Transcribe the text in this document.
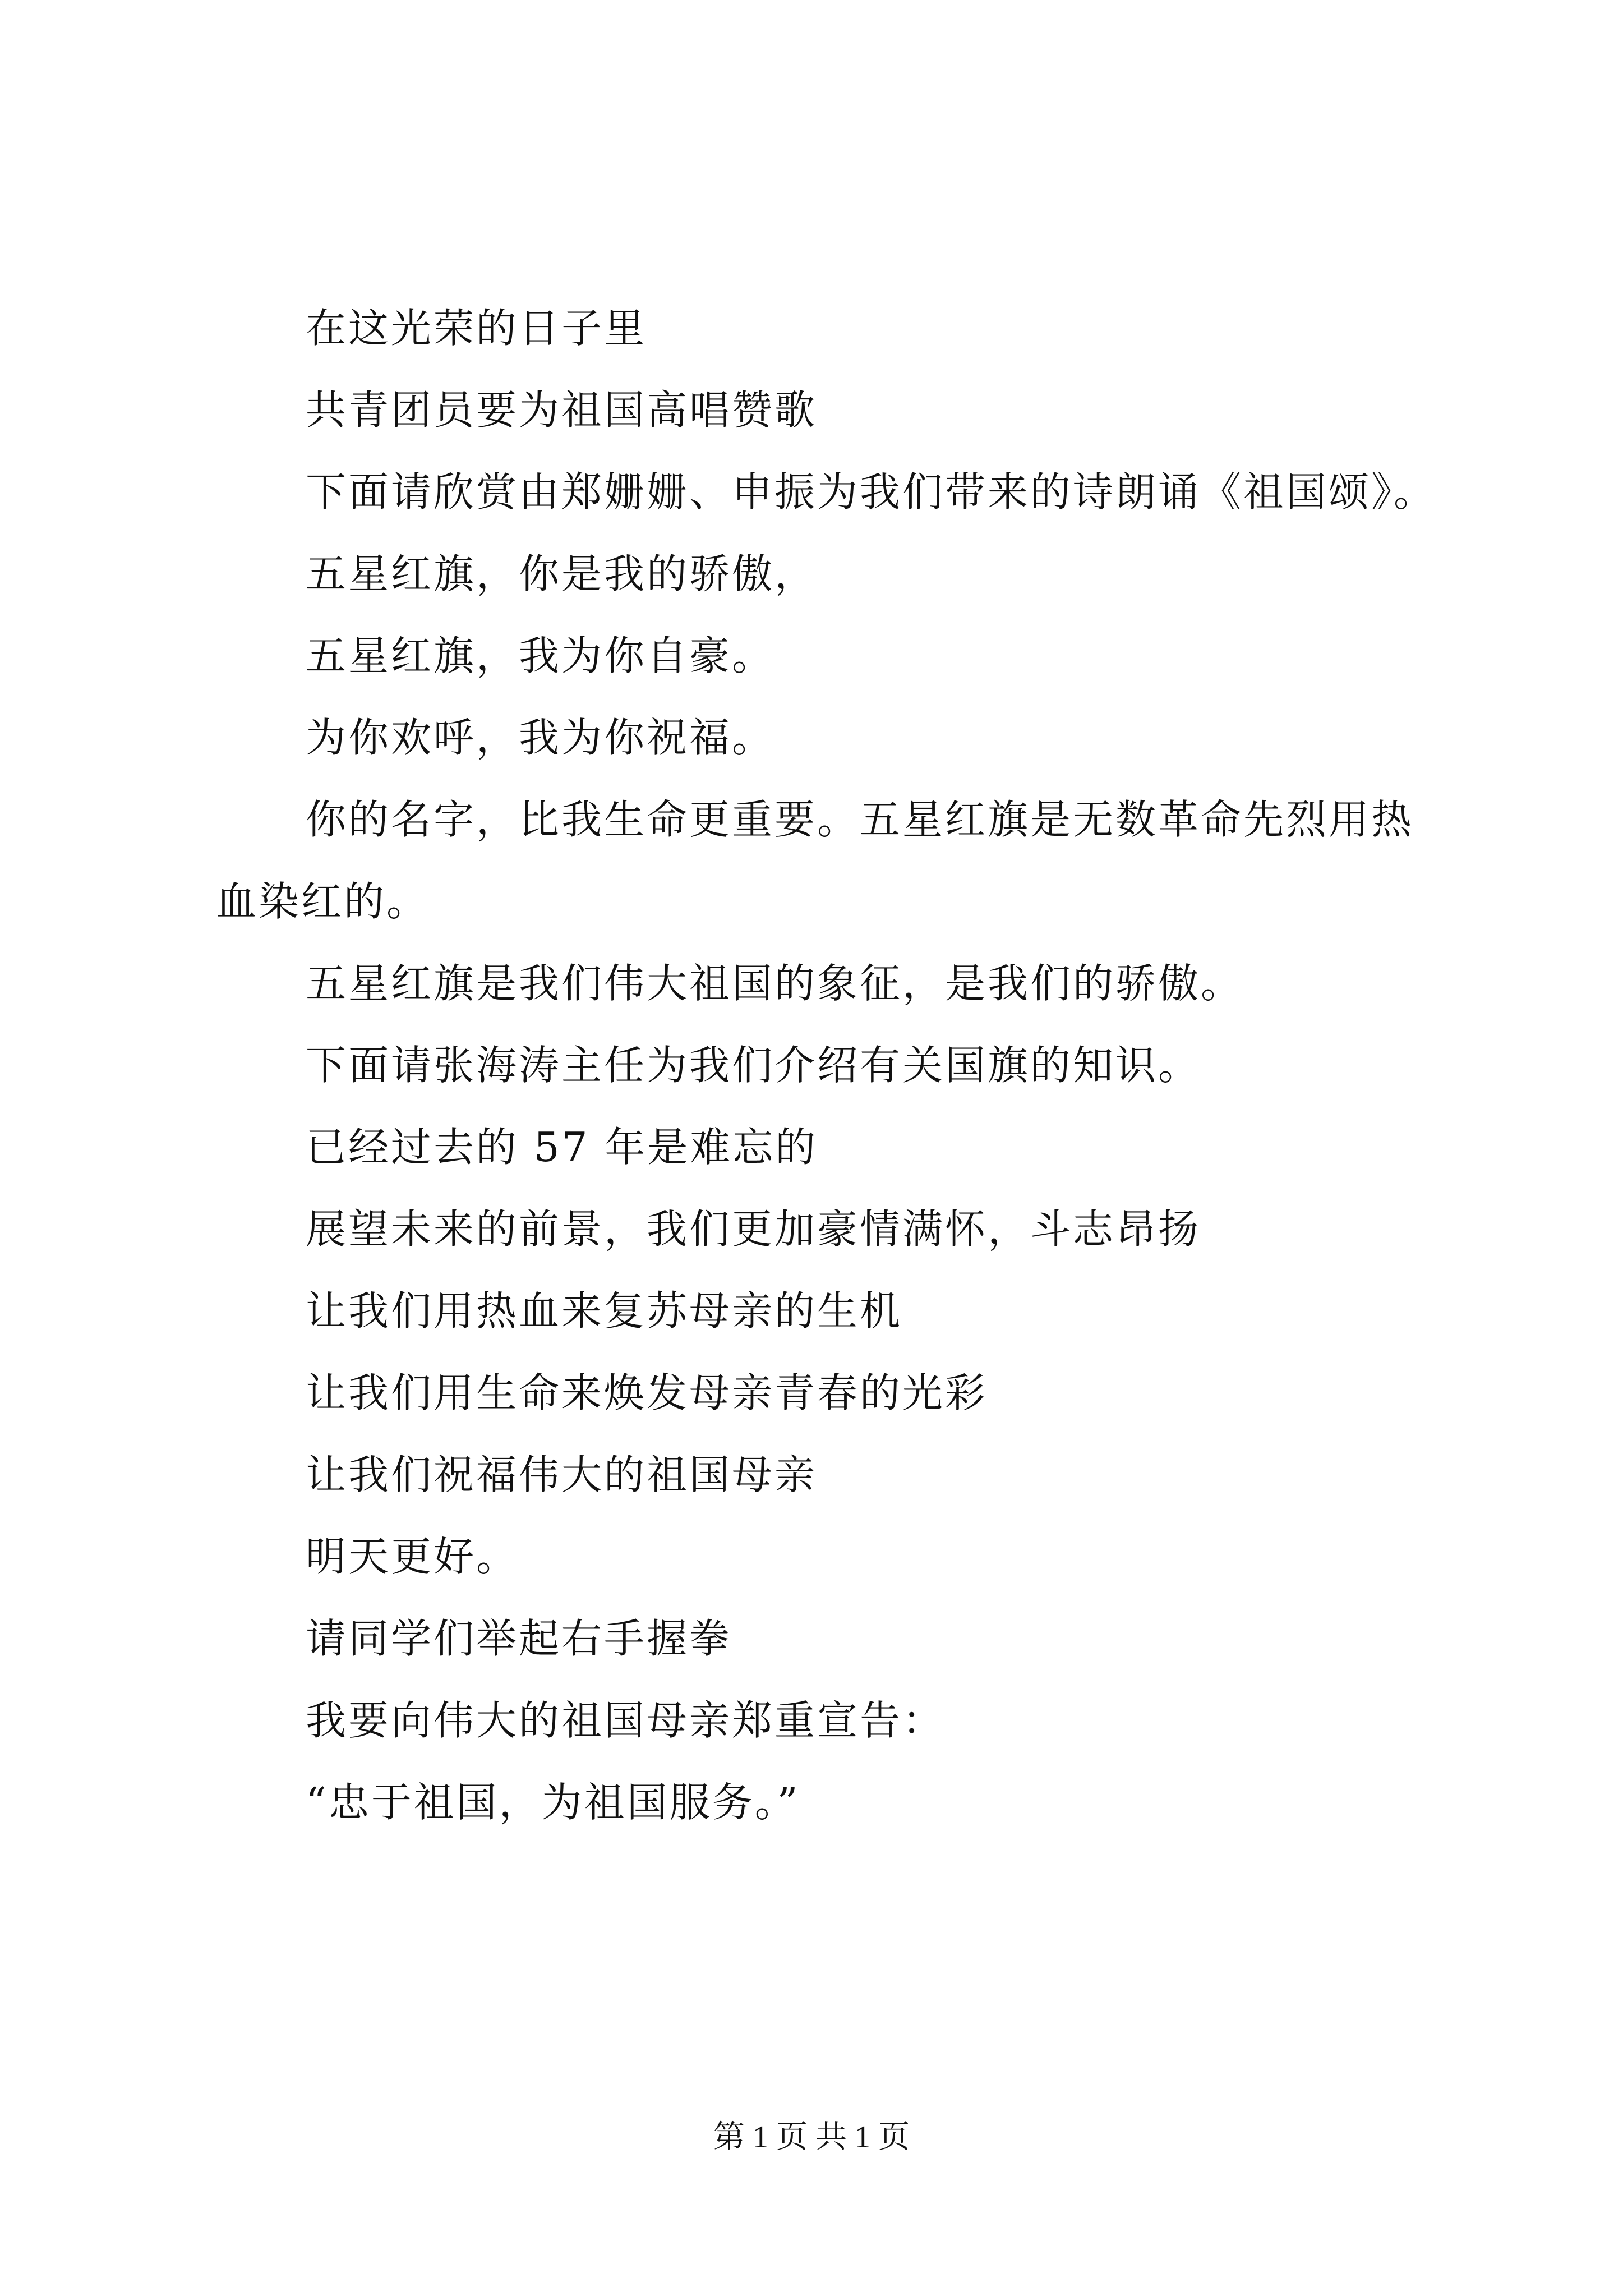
在这光荣的日子里
共青团员要为祖国高唱赞歌
下面请欣赏由郑姗姗、申振为我们带来的诗朗诵《祖国颂》。
五星红旗，你是我的骄傲，
五星红旗，我为你自豪。
为你欢呼，我为你祝福。
你的名字，比我生命更重要。五星红旗是无数革命先烈用热
血染红的。
五星红旗是我们伟大祖国的象征，是我们的骄傲。
下面请张海涛主任为我们介绍有关国旗的知识。
已经过去的 57 年是难忘的
展望未来的前景，我们更加豪情满怀，斗志昂扬
让我们用热血来复苏母亲的生机
让我们用生命来焕发母亲青春的光彩
让我们祝福伟大的祖国母亲
明天更好。
请同学们举起右手握拳
我要向伟大的祖国母亲郑重宣告：
“忠于祖国，为祖国服务。”
第 1 页 共 1 页
